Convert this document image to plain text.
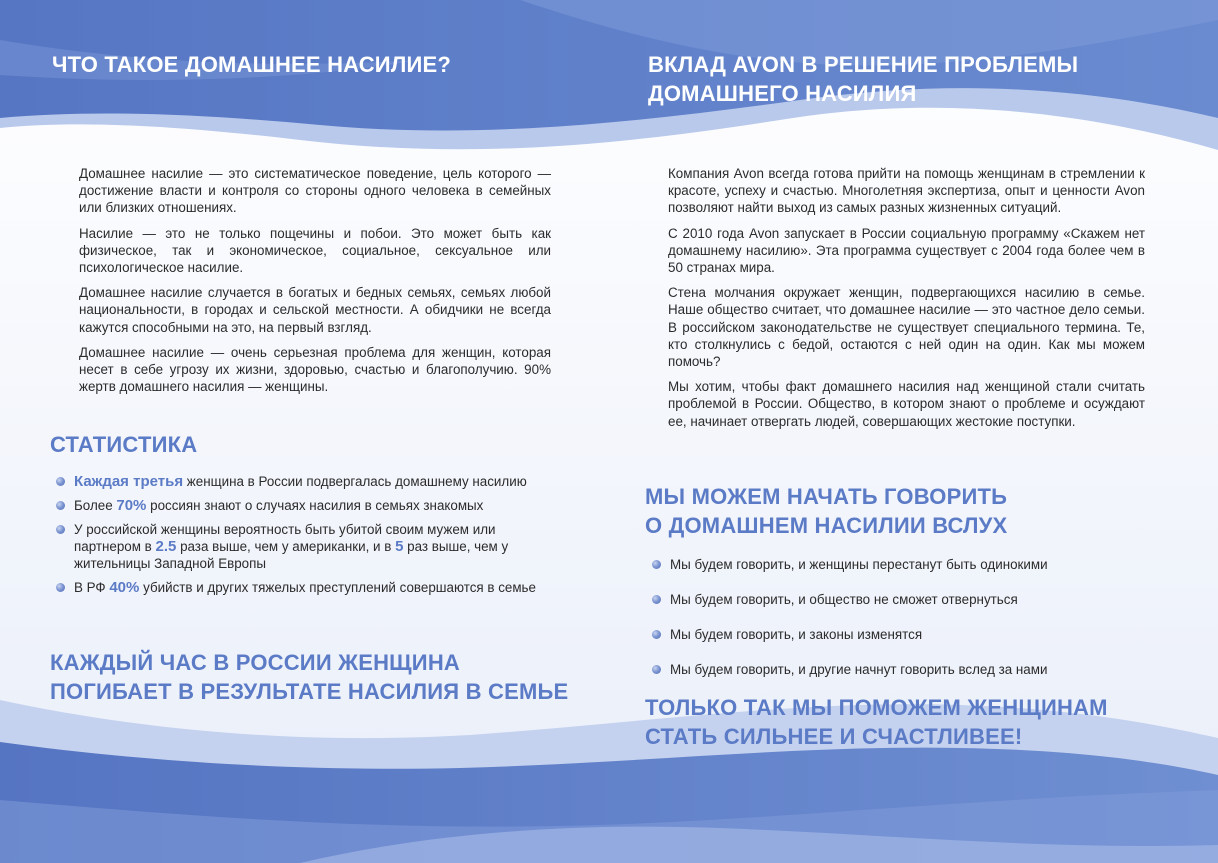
ЧТО ТАКОЕ ДОМАШНЕЕ НАСИЛИЕ?

Домашнее насилие — это систематическое поведение, цель которого — достижение власти и контроля со стороны одного человека в семейных или близких отношениях.

Насилие — это не только пощечины и побои. Это может быть как физическое, так и экономическое, социальное, сексуальное или психологическое насилие.

Домашнее насилие случается в богатых и бедных семьях, семьях любой национальности, в городах и сельской местности. А обидчики не всегда кажутся способными на это, на первый взгляд.

Домашнее насилие — очень серьезная проблема для женщин, которая несет в себе угрозу их жизни, здоровью, счастью и благополучию. 90% жертв домашнего насилия — женщины.

СТАТИСТИКА
Каждая третья женщина в России подвергалась домашнему насилию
Более 70% россиян знают о случаях насилия в семьях знакомых
У российской женщины вероятность быть убитой своим мужем или партнером в 2.5 раза выше, чем у американки, и в 5 раз выше, чем у жительницы Западной Европы
В РФ 40% убийств и других тяжелых преступлений совершаются в семье
КАЖДЫЙ ЧАС В РОССИИ ЖЕНЩИНА
ПОГИБАЕТ В РЕЗУЛЬТАТЕ НАСИЛИЯ В СЕМЬЕ
ВКЛАД AVON В РЕШЕНИЕ ПРОБЛЕМЫ
ДОМАШНЕГО НАСИЛИЯ

Компания Avon всегда готова прийти на помощь женщинам в стремлении к красоте, успеху и счастью. Многолетняя экспертиза, опыт и ценности Avon позволяют найти выход из самых разных жизненных ситуаций.

С 2010 года Avon запускает в России социальную программу «Скажем нет домашнему насилию». Эта программа существует с 2004 года более чем в 50 странах мира.

Стена молчания окружает женщин, подвергающихся насилию в семье. Наше общество считает, что домашнее насилие — это частное дело семьи. В российском законодательстве не существует специального термина. Те, кто столкнулись с бедой, остаются с ней один на один. Как мы можем помочь?

Мы хотим, чтобы факт домашнего насилия над женщиной стали считать проблемой в России. Общество, в котором знают о проблеме и осуждают ее, начинает отвергать людей, совершающих жестокие поступки.

МЫ МОЖЕМ НАЧАТЬ ГОВОРИТЬ
О ДОМАШНЕМ НАСИЛИИ ВСЛУХ
Мы будем говорить, и женщины перестанут быть одинокими
Мы будем говорить, и общество не сможет отвернуться
Мы будем говорить, и законы изменятся
Мы будем говорить, и другие начнут говорить вслед за нами
ТОЛЬКО ТАК МЫ ПОМОЖЕМ ЖЕНЩИНАМ
СТАТЬ СИЛЬНЕЕ И СЧАСТЛИВЕЕ!
